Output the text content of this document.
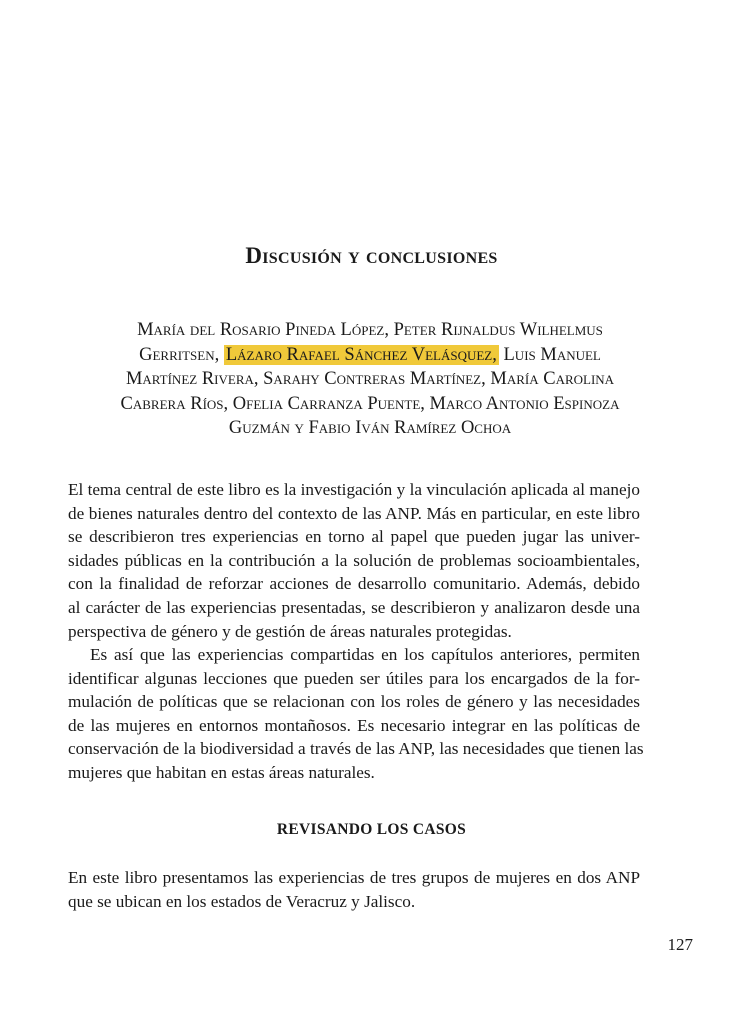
Discusión y conclusiones
María del Rosario Pineda López, Peter Rijnaldus Wilhelmus
Gerritsen, Lázaro Rafael Sánchez Velásquez, Luis Manuel
Martínez Rivera, Sarahy Contreras Martínez, María Carolina
Cabrera Ríos, Ofelia Carranza Puente, Marco Antonio Espinoza
Guzmán y Fabio Iván Ramírez Ochoa
El tema central de este libro es la investigación y la vinculación aplicada al manejo
de bienes naturales dentro del contexto de las ANP. Más en particular, en este libro
se describieron tres experiencias en torno al papel que pueden jugar las univer-
sidades públicas en la contribución a la solución de problemas socioambientales,
con la finalidad de reforzar acciones de desarrollo comunitario. Además, debido
al carácter de las experiencias presentadas, se describieron y analizaron desde una
perspectiva de género y de gestión de áreas naturales protegidas.
Es así que las experiencias compartidas en los capítulos anteriores, permiten
identificar algunas lecciones que pueden ser útiles para los encargados de la for-
mulación de políticas que se relacionan con los roles de género y las necesidades
de las mujeres en entornos montañosos. Es necesario integrar en las políticas de
conservación de la biodiversidad a través de las ANP, las necesidades que tienen las
mujeres que habitan en estas áreas naturales.
REVISANDO LOS CASOS
En este libro presentamos las experiencias de tres grupos de mujeres en dos ANP
que se ubican en los estados de Veracruz y Jalisco.
127
